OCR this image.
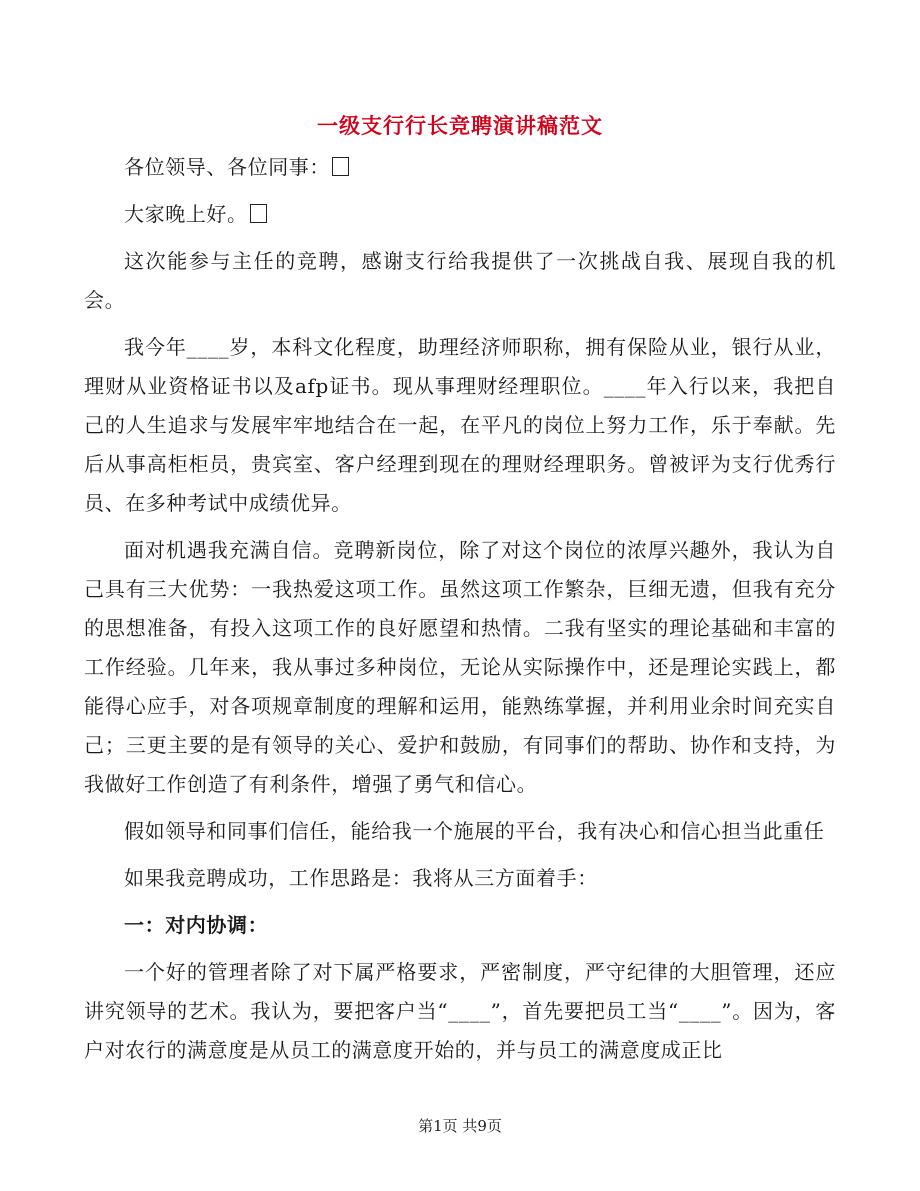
一级支行行长竞聘演讲稿范文

各位领导、各位同事：

大家晚上好。

这次能参与主任的竞聘，感谢支行给我提供了一次挑战自我、展现自我的机会。

我今年____岁，本科文化程度，助理经济师职称，拥有保险从业，银行从业，理财从业资格证书以及afp证书。现从事理财经理职位。____年入行以来，我把自己的人生追求与发展牢牢地结合在一起，在平凡的岗位上努力工作，乐于奉献。先后从事高柜柜员，贵宾室、客户经理到现在的理财经理职务。曾被评为支行优秀行员、在多种考试中成绩优异。

面对机遇我充满自信。竞聘新岗位，除了对这个岗位的浓厚兴趣外，我认为自己具有三大优势：一我热爱这项工作。虽然这项工作繁杂，巨细无遗，但我有充分的思想准备，有投入这项工作的良好愿望和热情。二我有坚实的理论基础和丰富的工作经验。几年来，我从事过多种岗位，无论从实际操作中，还是理论实践上，都能得心应手，对各项规章制度的理解和运用，能熟练掌握，并利用业余时间充实自己；三更主要的是有领导的关心、爱护和鼓励，有同事们的帮助、协作和支持，为我做好工作创造了有利条件，增强了勇气和信心。

假如领导和同事们信任，能给我一个施展的平台，我有决心和信心担当此重任

如果我竞聘成功，工作思路是：我将从三方面着手：

一：对内协调：

一个好的管理者除了对下属严格要求，严密制度，严守纪律的大胆管理，还应讲究领导的艺术。我认为，要把客户当“____”，首先要把员工当“____”。因为，客户对农行的满意度是从员工的满意度开始的，并与员工的满意度成正比

第1页 共9页
